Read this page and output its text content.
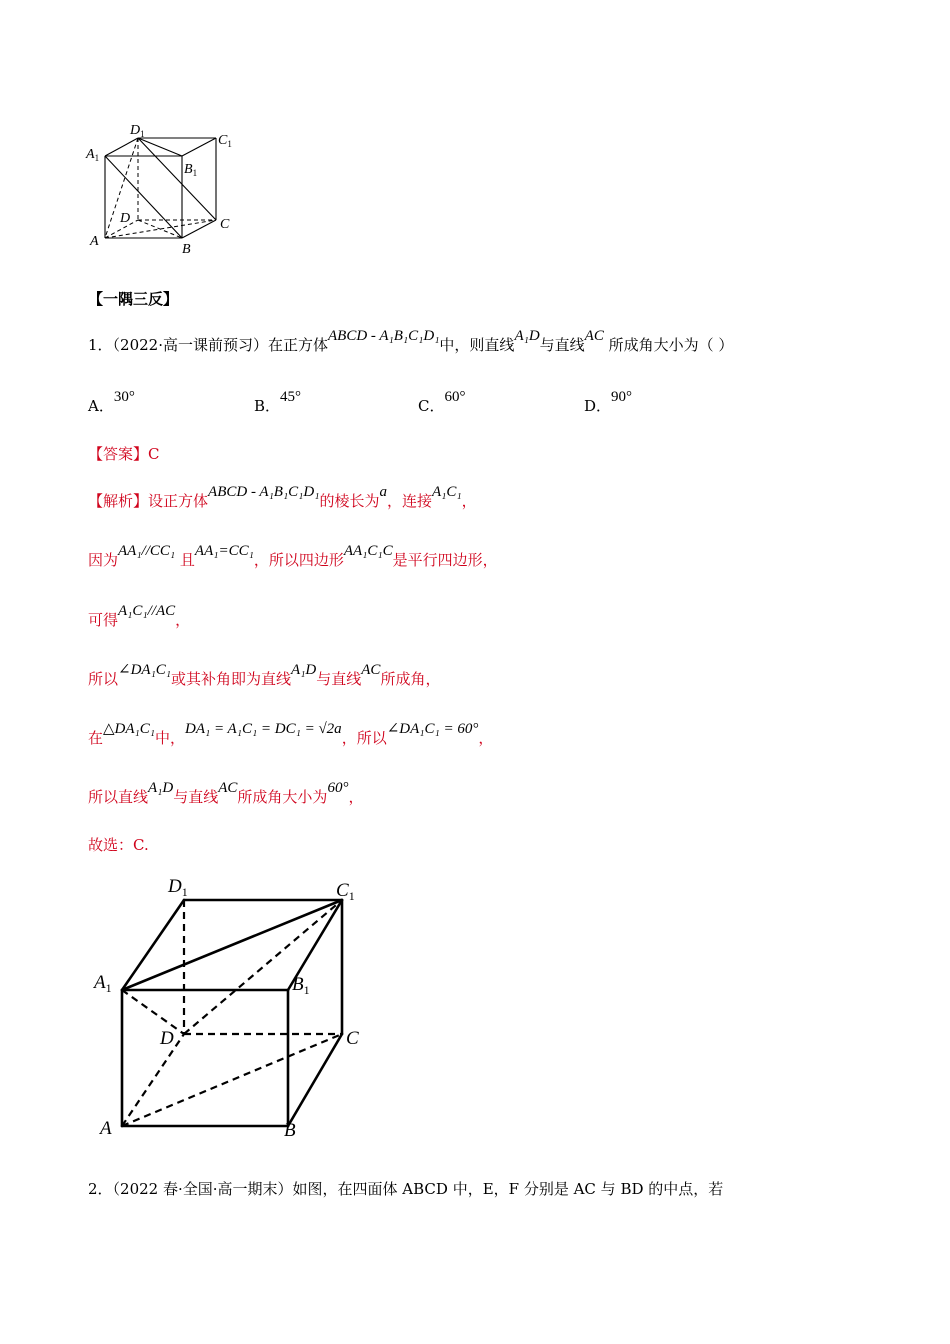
$D_1$
$A_1$
$C_1$
$B_1$
D	C
A
B
【一隅三反】
1．（2022·高一课前预习）在正方体ABCD - A₁B₁C₁D₁中，则直线A₁D与直线AC 所成角大小为（ ）
A．30°	B．45°	C．60°	D．90°
【答案】C
【解析】设正方体ABCD - A₁B₁C₁D₁的棱长为a，连接A₁C₁，
因为AA₁//CC₁ 且AA₁=CC₁，所以四边形AA₁C₁C是平行四边形，
可得A₁C₁//AC，
所以∠DA₁C₁或其补角即为直线A₁D与直线AC所成角，
在△DA₁C₁中，DA₁ = A₁C₁ = DC₁ = √2a，所以∠DA₁C₁ = 60°，
所以直线A₁D与直线AC所成角大小为60°，
故选：C.
$D_1$	$C_1$
$A_1$	$B_1$
D	C
A	B
2．（2022 春·全国·高一期末）如图，在四面体 ABCD 中，E，F 分别是 AC 与 BD 的中点，若
